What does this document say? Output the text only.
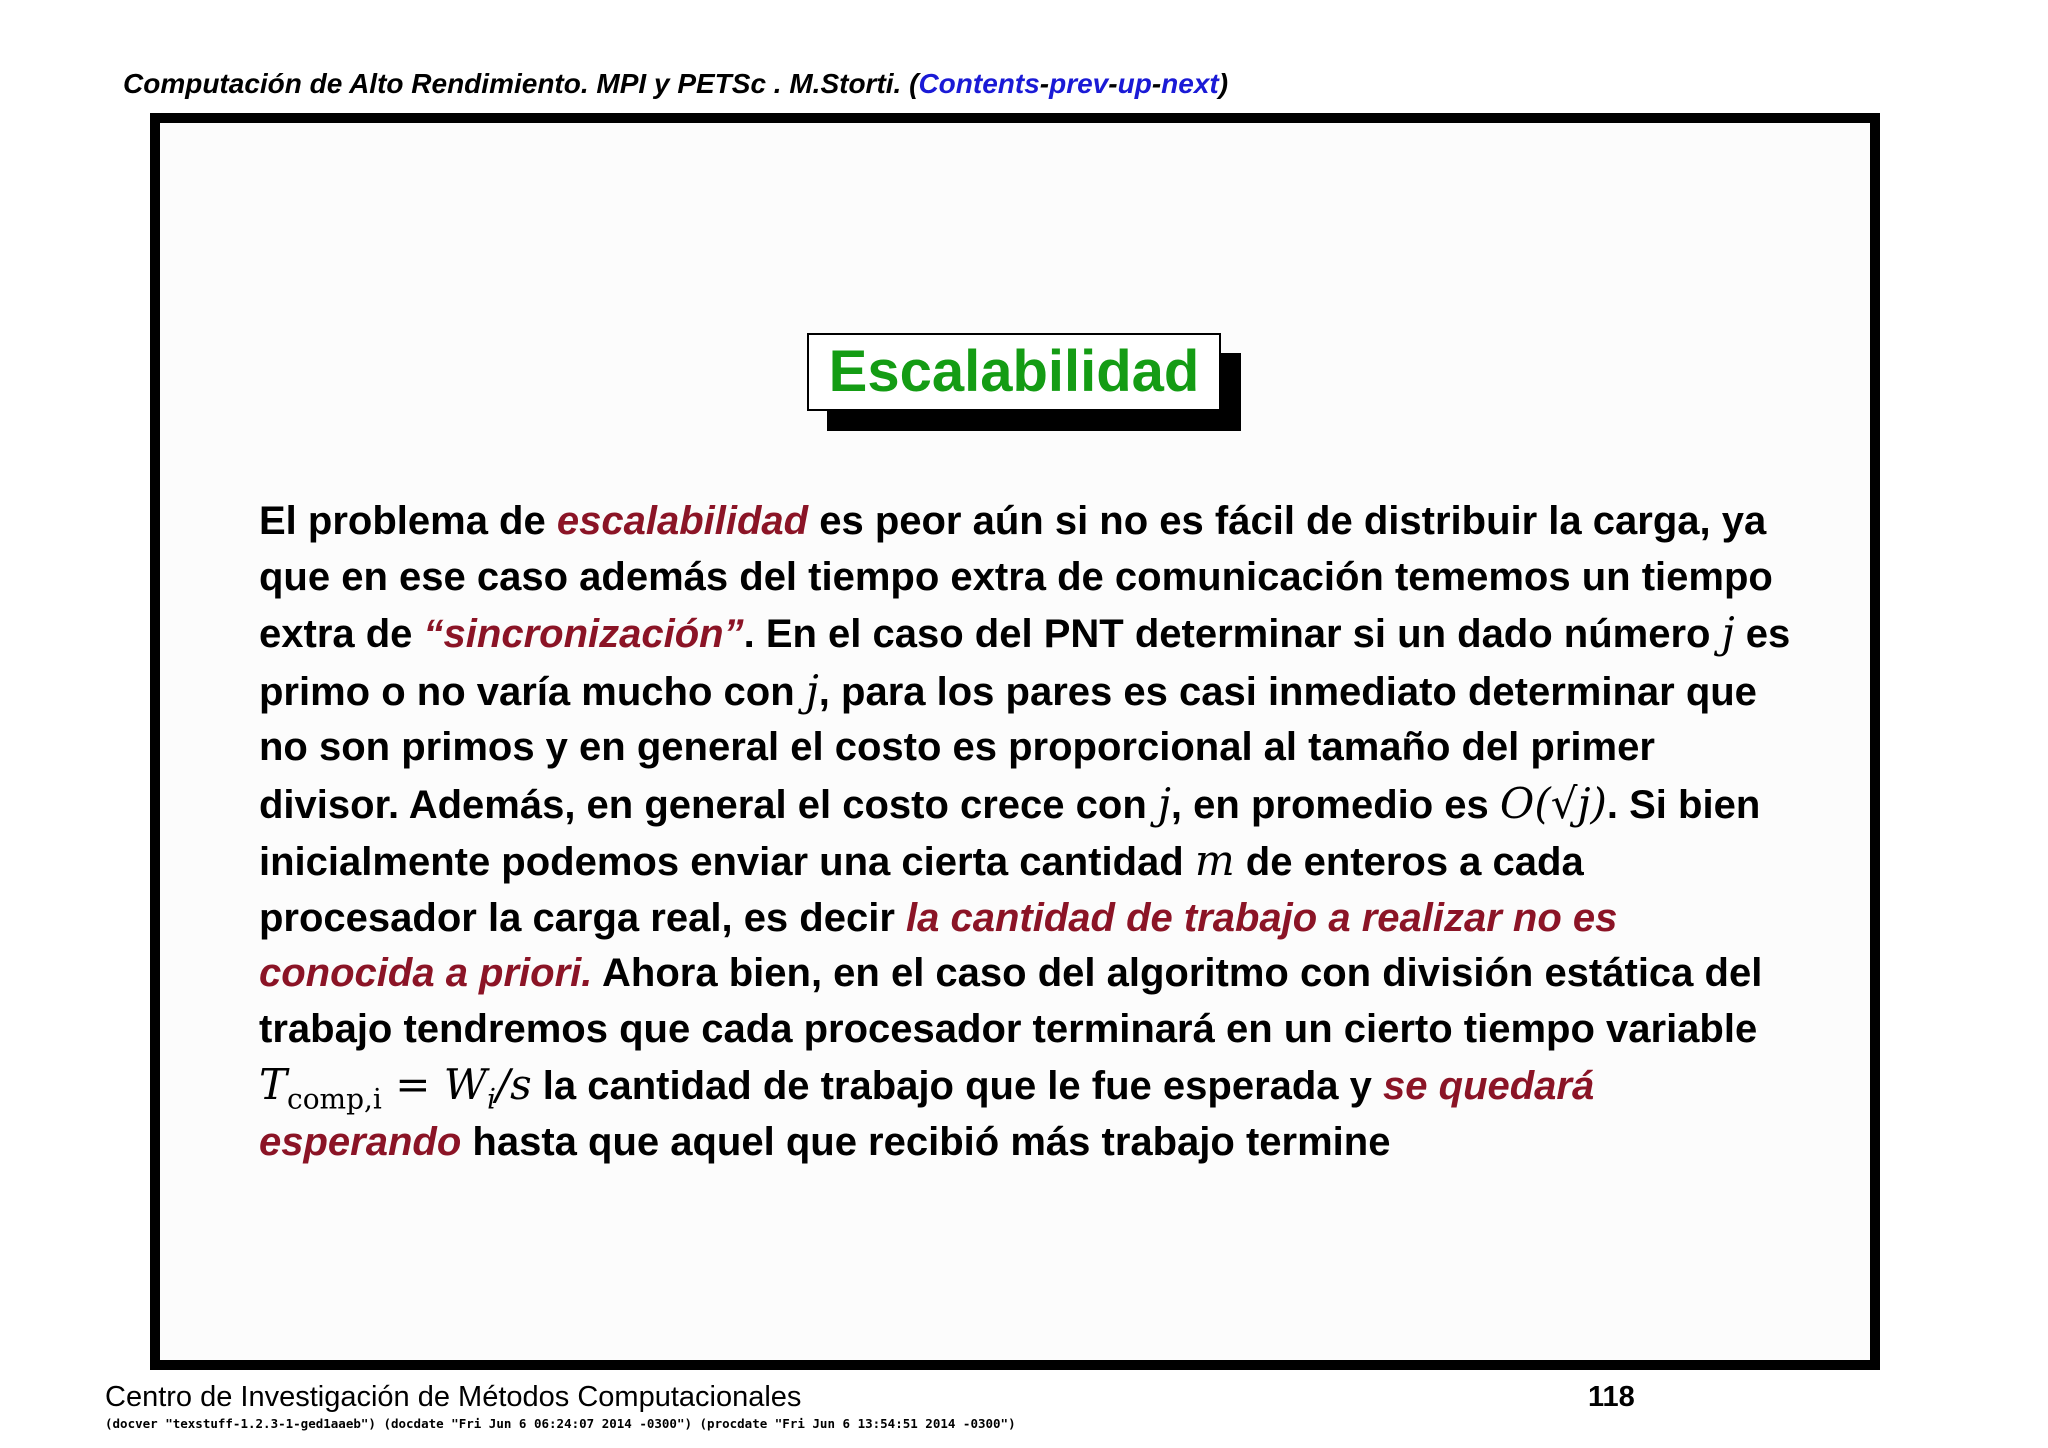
Computación de Alto Rendimiento. MPI y PETSc . M.Storti. (Contents-prev-up-next)
Escalabilidad
El problema de escalabilidad es peor aún si no es fácil de distribuir la carga, ya que en ese caso además del tiempo extra de comunicación tememos un tiempo extra de “sincronización”. En el caso del PNT determinar si un dado número j es primo o no varía mucho con j, para los pares es casi inmediato determinar que no son primos y en general el costo es proporcional al tamaño del primer divisor. Además, en general el costo crece con j, en promedio es O(√j). Si bien inicialmente podemos enviar una cierta cantidad m de enteros a cada procesador la carga real, es decir la cantidad de trabajo a realizar no es conocida a priori. Ahora bien, en el caso del algoritmo con división estática del trabajo tendremos que cada procesador terminará en un cierto tiempo variable $T_{comp,i} = W_i/s$ la cantidad de trabajo que le fue esperada y se quedará esperando hasta que aquel que recibió más trabajo termine
Centro de Investigación de Métodos Computacionales	118
(docver "texstuff-1.2.3-1-ged1aaeb") (docdate "Fri Jun 6 06:24:07 2014 -0300") (procdate "Fri Jun 6 13:54:51 2014 -0300")
